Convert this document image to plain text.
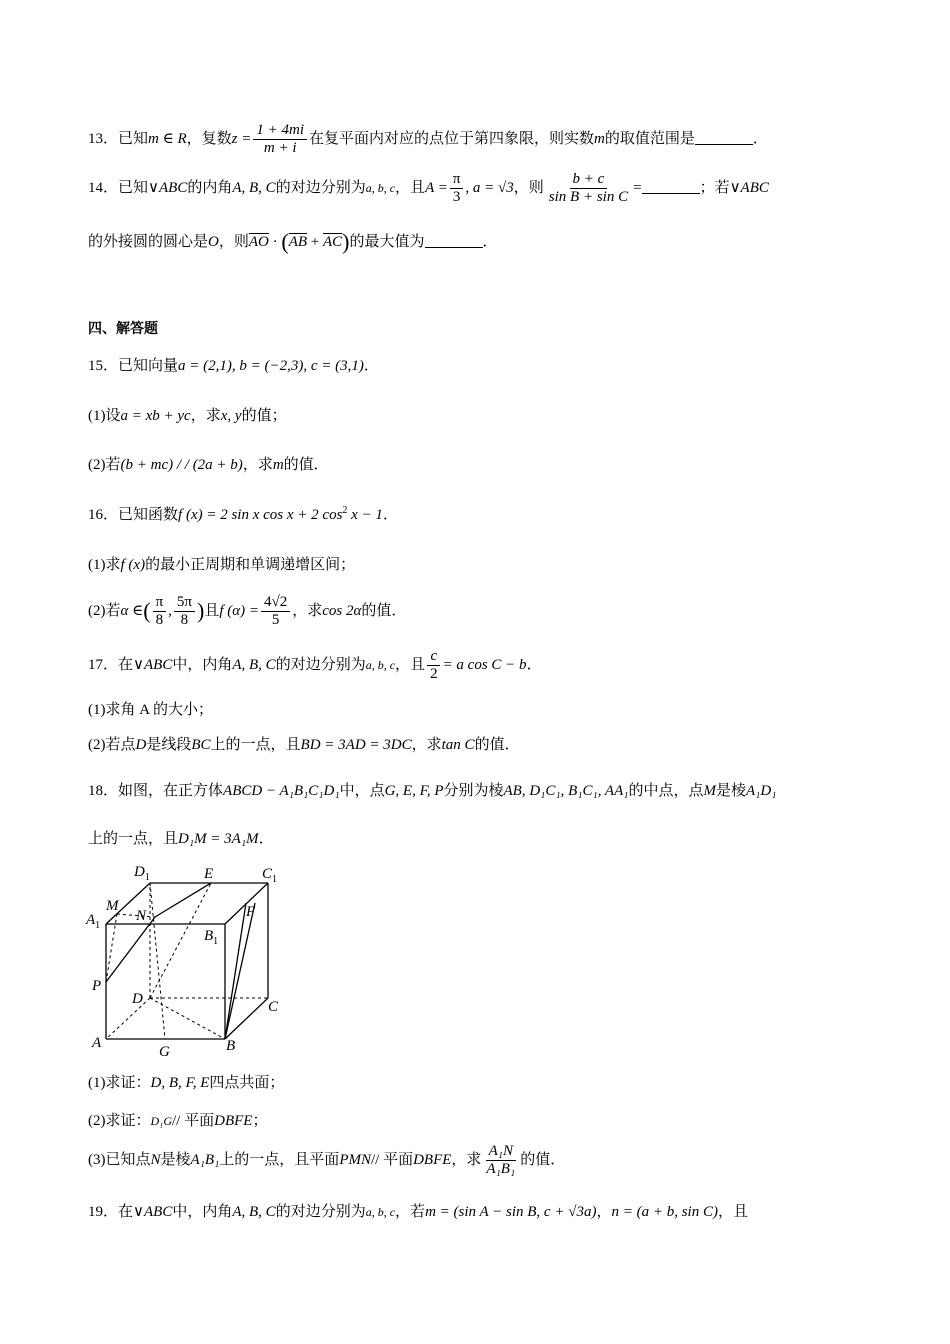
13．已知m ∈ R，复数$z = \frac{1 + 4mi}{m + i}$ 在复平面内对应的点位于第四象限，则实数m的取值范围是	．
14．已知∨ABC的内角A, B, C的对边分别为a, b, c，且$A = \frac{\pi}{3}$ , a = √3，则 $\frac{b + c}{\text{sin B + sin C}}$ =	；若∨ABC
的外接圆的圆心是O，则$\overline{AO} \cdot (\overline{AB} + \overline{AC})$的最大值为	．
四、解答题
15．已知向量a = (2,1), b = (−2,3), c = (3,1)．
(1)设a = xb + yc，求x, y的值；
(2)若(b + mc) / / (2a + b)，求m的值．
16．已知函数f (x) = 2 sin x cos x + 2 $\cos^2 x - 1$．
(1)求f (x)的最小正周期和单调递增区间；
(2)若α ∈( $\frac{\pi}{8}$ , $\frac{5\pi}{8}$ )且f $(\alpha) = \frac{4√2}{5}$ ，求cos 2α的值．
17．在∨ABC中，内角A, B, C的对边分别为a, b, c，且 $\frac{c}{2} = a$ cos C − b．
(1)求角 A 的大小；
(2)若点D是线段BC上的一点，且BD = 3AD = 3DC，求tan C的值．
18．如图，在正方体ABCD − A₁B₁C₁D₁中，点G, E, F, P分别为棱AB, D₁C₁, B₁C₁, AA₁的中点，点M是棱A₁D₁
上的一点，且D₁M = 3A₁M．
$D_1$	E	$C_1$
M
$A_1$
N	F
$B_1$
P
D	C
A
G	B
(1)求证：D, B, F, E四点共面；
(2)求证：D₁G// 平面DBFE；
(3)已知点N是棱A₁B₁上的一点，且平面PMN// 平面DBFE，求 $\frac{\text{A₁N}}{\text{A₁B₁}}$ 的值．
19．在∨ABC中，内角A, B, C的对边分别为a, b, c，若m = (sin A − sin B, c + √3a)，n = (a + b, sin C)，且
